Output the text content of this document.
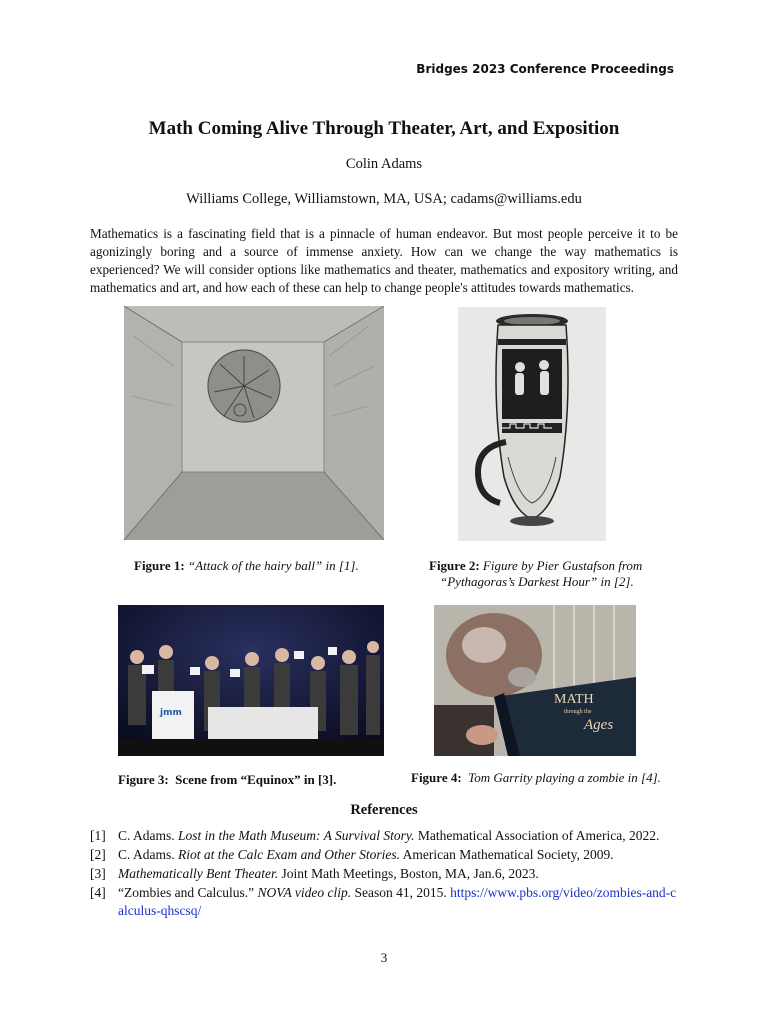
Bridges 2023 Conference Proceedings
Math Coming Alive Through Theater, Art, and Exposition
Colin Adams
Williams College, Williamstown, MA, USA; cadams@williams.edu
Mathematics is a fascinating field that is a pinnacle of human endeavor. But most people perceive it to be agonizingly boring and a source of immense anxiety. How can we change the way mathematics is experienced? We will consider options like mathematics and theater, mathematics and expository writing, and mathematics and art, and how each of these can help to change people's attitudes towards mathematics.
Figure 1: “Attack of the hairy ball” in [1].	Figure 2: Figure by Pier Gustafson from
“Pythagoras’s Darkest Hour” in [2].
jmm
Figure 3: Scene from “Equinox” in [3].
MATH
through the
Ages
Figure 4: Tom Garrity playing a zombie in [4].
References
[1] C. Adams. Lost in the Math Museum: A Survival Story. Mathematical Association of America, 2022.
[2] C. Adams. Riot at the Calc Exam and Other Stories. American Mathematical Society, 2009.
[3] Mathematically Bent Theater. Joint Math Meetings, Boston, MA, Jan.6, 2023.
[4] “Zombies and Calculus.” NOVA video clip. Season 41, 2015. https://www.pbs.org/video/zombies-and-calculus-qhscsq/
3
